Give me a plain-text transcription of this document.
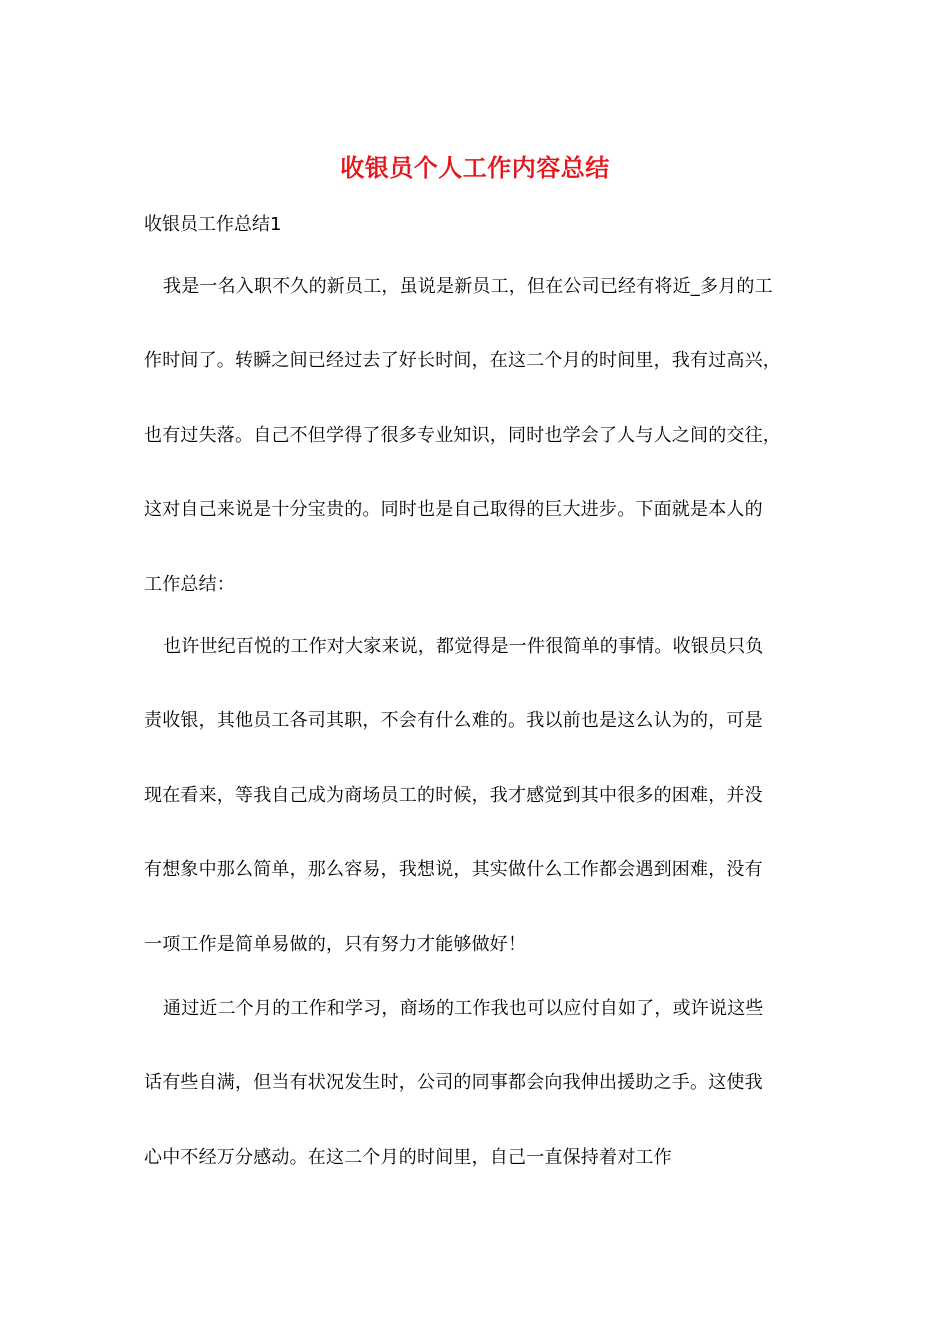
收银员个人工作内容总结
收银员工作总结1
我是一名入职不久的新员工，虽说是新员工，但在公司已经有将近_多月的工
作时间了。转瞬之间已经过去了好长时间，在这二个月的时间里，我有过高兴，
也有过失落。自己不但学得了很多专业知识，同时也学会了人与人之间的交往，
这对自己来说是十分宝贵的。同时也是自己取得的巨大进步。下面就是本人的
工作总结：
也许世纪百悦的工作对大家来说，都觉得是一件很简单的事情。收银员只负
责收银，其他员工各司其职，不会有什么难的。我以前也是这么认为的，可是
现在看来，等我自己成为商场员工的时候，我才感觉到其中很多的困难，并没
有想象中那么简单，那么容易，我想说，其实做什么工作都会遇到困难，没有
一项工作是简单易做的，只有努力才能够做好！
通过近二个月的工作和学习，商场的工作我也可以应付自如了，或许说这些
话有些自满，但当有状况发生时，公司的同事都会向我伸出援助之手。这使我
心中不经万分感动。在这二个月的时间里，自己一直保持着对工作
